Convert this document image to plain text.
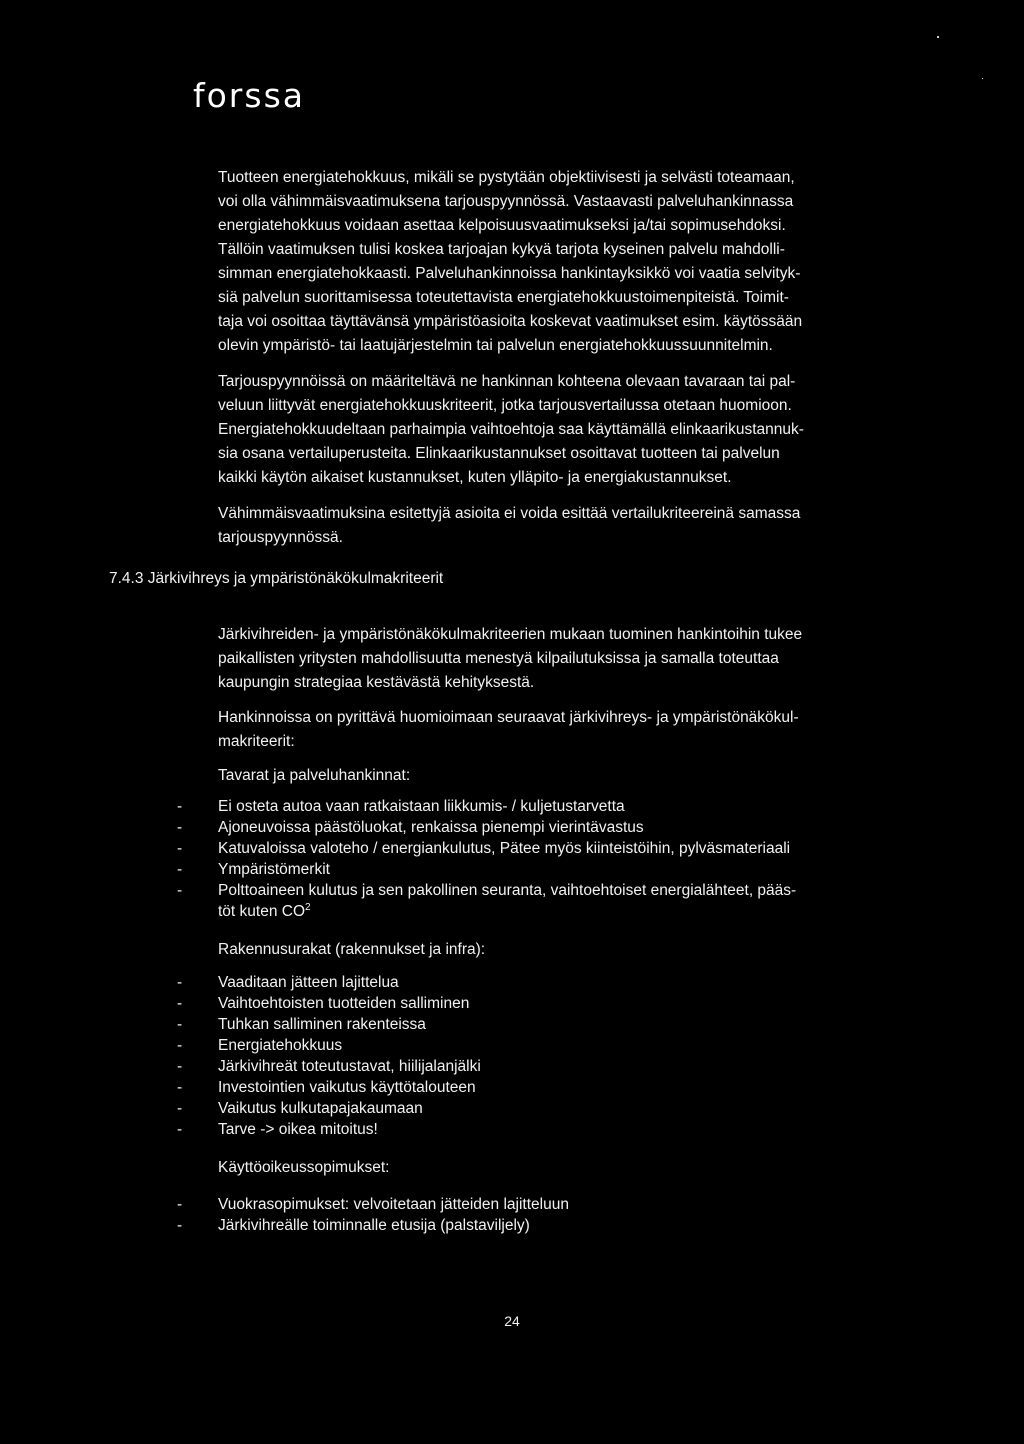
forssa
Tuotteen energiatehokkuus, mikäli se pystytään objektiivisesti ja selvästi toteamaan,
voi olla vähimmäisvaatimuksena tarjouspyynnössä. Vastaavasti palveluhankinnassa
energiatehokkuus voidaan asettaa kelpoisuusvaatimukseksi ja/tai sopimusehdoksi.
Tällöin vaatimuksen tulisi koskea tarjoajan kykyä tarjota kyseinen palvelu mahdolli-
simman energiatehokkaasti. Palveluhankinnoissa hankintayksikkö voi vaatia selvityk-
siä palvelun suorittamisessa toteutettavista energiatehokkuustoimenpiteistä. Toimit-
taja voi osoittaa täyttävänsä ympäristöasioita koskevat vaatimukset esim. käytössään
olevin ympäristö- tai laatujärjestelmin tai palvelun energiatehokkuussuunnitelmin.
Tarjouspyynnöissä on määriteltävä ne hankinnan kohteena olevaan tavaraan tai pal-
veluun liittyvät energiatehokkuuskriteerit, jotka tarjousvertailussa otetaan huomioon.
Energiatehokkuudeltaan parhaimpia vaihtoehtoja saa käyttämällä elinkaarikustannuk-
sia osana vertailuperusteita. Elinkaarikustannukset osoittavat tuotteen tai palvelun
kaikki käytön aikaiset kustannukset, kuten ylläpito- ja energiakustannukset.
Vähimmäisvaatimuksina esitettyjä asioita ei voida esittää vertailukriteereinä samassa
tarjouspyynnössä.
7.4.3 Järkivihreys ja ympäristönäkökulmakriteerit
Järkivihreiden- ja ympäristönäkökulmakriteerien mukaan tuominen hankintoihin tukee
paikallisten yritysten mahdollisuutta menestyä kilpailutuksissa ja samalla toteuttaa
kaupungin strategiaa kestävästä kehityksestä.
Hankinnoissa on pyrittävä huomioimaan seuraavat järkivihreys- ja ympäristönäkökul-
makriteerit:
Tavarat ja palveluhankinnat:
- Ei osteta autoa vaan ratkaistaan liikkumis- / kuljetustarvetta
- Ajoneuvoissa päästöluokat, renkaissa pienempi vierintävastus
- Katuvaloissa valoteho / energiankulutus, Pätee myös kiinteistöihin, pylväsmateriaali
- Ympäristömerkit
- Polttoaineen kulutus ja sen pakollinen seuranta, vaihtoehtoiset energialähteet, pääs-
töt kuten $CO^2$
Rakennusurakat (rakennukset ja infra):
- Vaaditaan jätteen lajittelua
- Vaihtoehtoisten tuotteiden salliminen
- Tuhkan salliminen rakenteissa
- Energiatehokkuus
- Järkivihreät toteutustavat, hiilijalanjälki
- Investointien vaikutus käyttötalouteen
- Vaikutus kulkutapajakaumaan
- Tarve -> oikea mitoitus!
Käyttöoikeussopimukset:
- Vuokrasopimukset: velvoitetaan jätteiden lajitteluun
- Järkivihreälle toiminnalle etusija (palstaviljely)
24
